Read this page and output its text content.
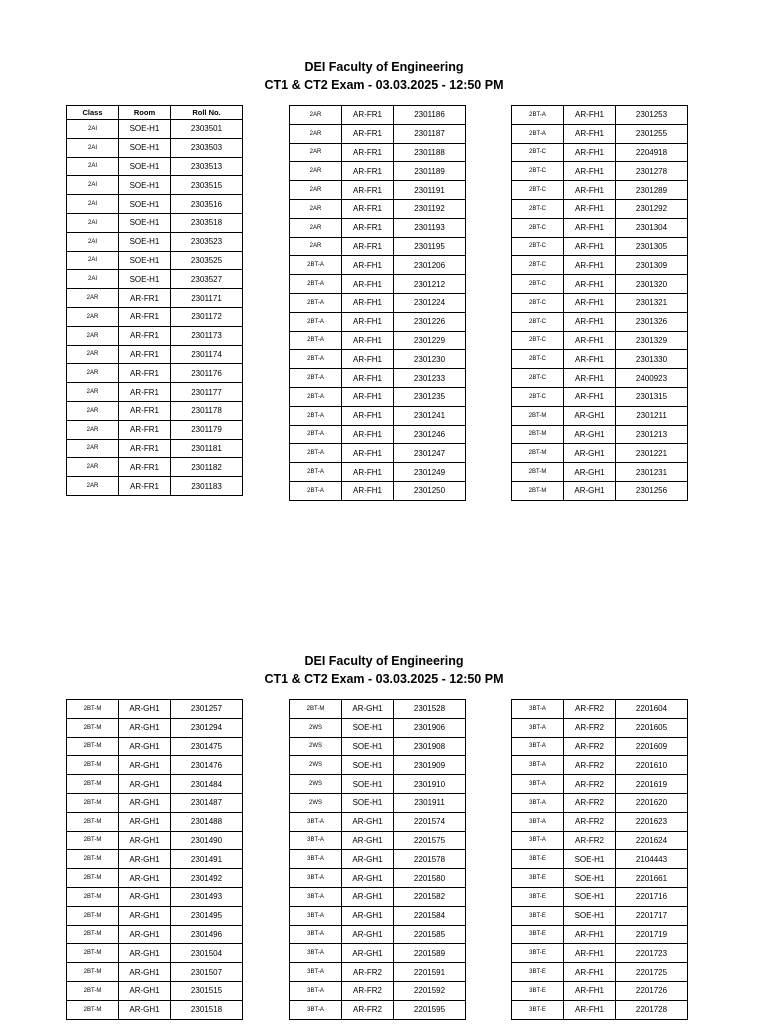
DEI Faculty of Engineering
CT1 & CT2 Exam - 03.03.2025 - 12:50 PM
Class	Room	Roll No.
2AI	SOE-H1	2303501
2AI	SOE-H1	2303503
2AI	SOE-H1	2303513
2AI	SOE-H1	2303515
2AI	SOE-H1	2303516
2AI	SOE-H1	2303518
2AI	SOE-H1	2303523
2AI	SOE-H1	2303525
2AI	SOE-H1	2303527
2AR	AR-FR1	2301171
2AR	AR-FR1	2301172
2AR	AR-FR1	2301173
2AR	AR-FR1	2301174
2AR	AR-FR1	2301176
2AR	AR-FR1	2301177
2AR	AR-FR1	2301178
2AR	AR-FR1	2301179
2AR	AR-FR1	2301181
2AR	AR-FR1	2301182
2AR	AR-FR1	2301183
2AR	AR-FR1	2301186
2AR	AR-FR1	2301187
2AR	AR-FR1	2301188
2AR	AR-FR1	2301189
2AR	AR-FR1	2301191
2AR	AR-FR1	2301192
2AR	AR-FR1	2301193
2AR	AR-FR1	2301195
2BT-A	AR-FH1	2301206
2BT-A	AR-FH1	2301212
2BT-A	AR-FH1	2301224
2BT-A	AR-FH1	2301226
2BT-A	AR-FH1	2301229
2BT-A	AR-FH1	2301230
2BT-A	AR-FH1	2301233
2BT-A	AR-FH1	2301235
2BT-A	AR-FH1	2301241
2BT-A	AR-FH1	2301246
2BT-A	AR-FH1	2301247
2BT-A	AR-FH1	2301249
2BT-A	AR-FH1	2301250
2BT-A	AR-FH1	2301253
2BT-A	AR-FH1	2301255
2BT-C	AR-FH1	2204918
2BT-C	AR-FH1	2301278
2BT-C	AR-FH1	2301289
2BT-C	AR-FH1	2301292
2BT-C	AR-FH1	2301304
2BT-C	AR-FH1	2301305
2BT-C	AR-FH1	2301309
2BT-C	AR-FH1	2301320
2BT-C	AR-FH1	2301321
2BT-C	AR-FH1	2301326
2BT-C	AR-FH1	2301329
2BT-C	AR-FH1	2301330
2BT-C	AR-FH1	2400923
2BT-C	AR-FH1	2301315
2BT-M	AR-GH1	2301211
2BT-M	AR-GH1	2301213
2BT-M	AR-GH1	2301221
2BT-M	AR-GH1	2301231
2BT-M	AR-GH1	2301256
DEI Faculty of Engineering
CT1 & CT2 Exam - 03.03.2025 - 12:50 PM
2BT-M	AR-GH1	2301257
2BT-M	AR-GH1	2301294
2BT-M	AR-GH1	2301475
2BT-M	AR-GH1	2301476
2BT-M	AR-GH1	2301484
2BT-M	AR-GH1	2301487
2BT-M	AR-GH1	2301488
2BT-M	AR-GH1	2301490
2BT-M	AR-GH1	2301491
2BT-M	AR-GH1	2301492
2BT-M	AR-GH1	2301493
2BT-M	AR-GH1	2301495
2BT-M	AR-GH1	2301496
2BT-M	AR-GH1	2301504
2BT-M	AR-GH1	2301507
2BT-M	AR-GH1	2301515
2BT-M	AR-GH1	2301518
2BT-M	AR-GH1	2301528
2WS	SOE-H1	2301906
2WS	SOE-H1	2301908
2WS	SOE-H1	2301909
2WS	SOE-H1	2301910
2WS	SOE-H1	2301911
3BT-A	AR-GH1	2201574
3BT-A	AR-GH1	2201575
3BT-A	AR-GH1	2201578
3BT-A	AR-GH1	2201580
3BT-A	AR-GH1	2201582
3BT-A	AR-GH1	2201584
3BT-A	AR-GH1	2201585
3BT-A	AR-GH1	2201589
3BT-A	AR-FR2	2201591
3BT-A	AR-FR2	2201592
3BT-A	AR-FR2	2201595
3BT-A	AR-FR2	2201604
3BT-A	AR-FR2	2201605
3BT-A	AR-FR2	2201609
3BT-A	AR-FR2	2201610
3BT-A	AR-FR2	2201619
3BT-A	AR-FR2	2201620
3BT-A	AR-FR2	2201623
3BT-A	AR-FR2	2201624
3BT-E	SOE-H1	2104443
3BT-E	SOE-H1	2201661
3BT-E	SOE-H1	2201716
3BT-E	SOE-H1	2201717
3BT-E	AR-FH1	2201719
3BT-E	AR-FH1	2201723
3BT-E	AR-FH1	2201725
3BT-E	AR-FH1	2201726
3BT-E	AR-FH1	2201728
